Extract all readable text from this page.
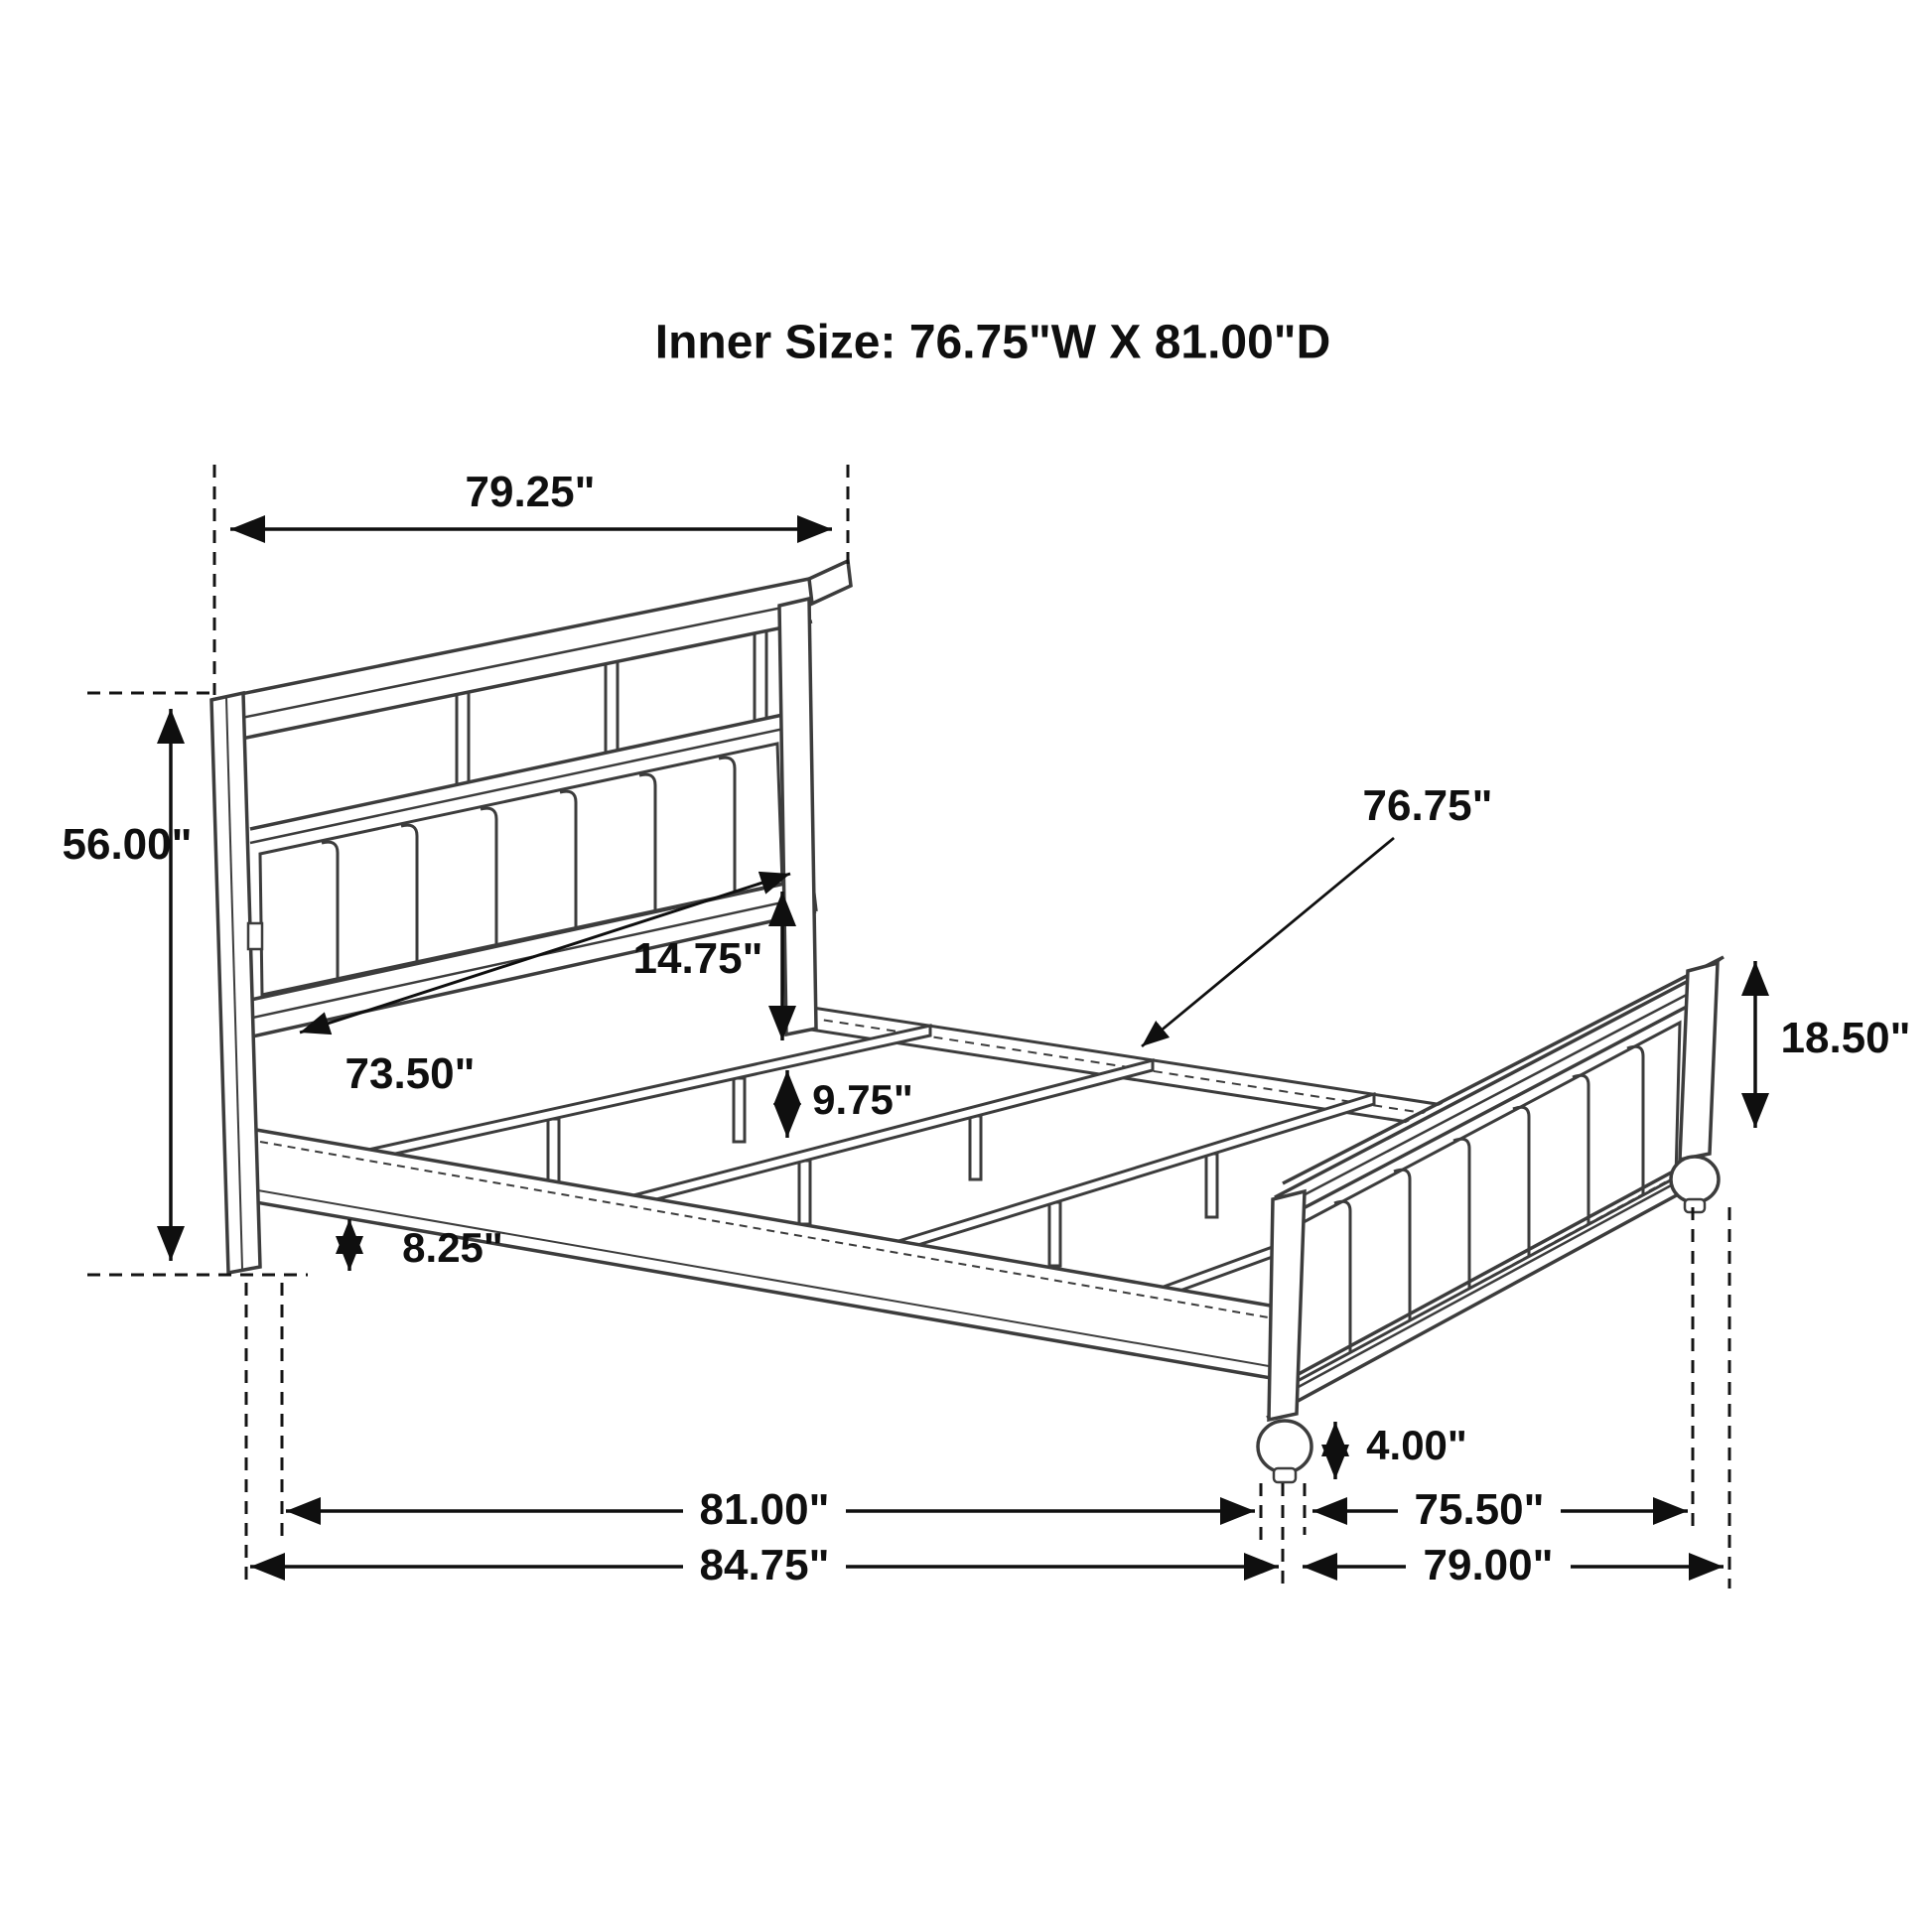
Inner Size: 76.75"W X 81.00"D
79.25"
56.00"
73.50"
14.75"
9.75"
76.75"
8.25"
18.50"
4.00"
81.00"	75.50"
84.75"	79.00"
